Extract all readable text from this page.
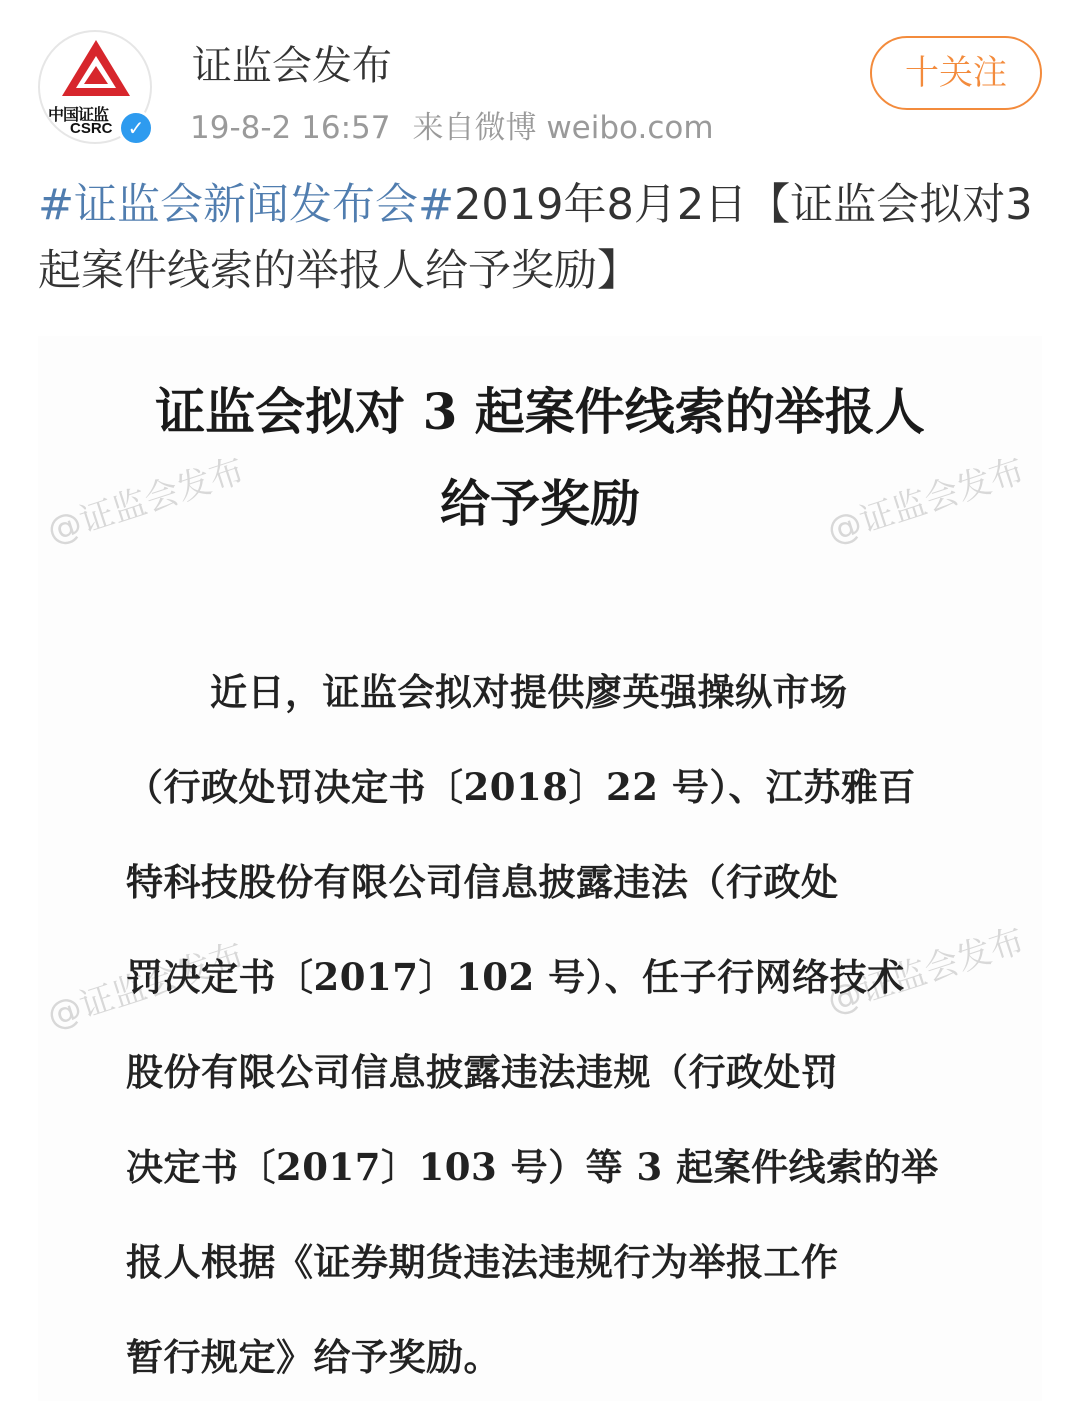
中国证监
CSRC ✓
证监会发布
19-8-2 16:57 来自微博 weibo.com
十关注
#证监会新闻发布会#2019年8月2日【证监会拟对3起案件线索的举报人给予奖励】
@证监会发布	@证监会发布
@证监会发布	@证监会发布
证监会拟对 3 起案件线索的举报人
给予奖励
近日，证监会拟对提供廖英强操纵市场
（行政处罚决定书〔2018〕22 号）、江苏雅百
特科技股份有限公司信息披露违法（行政处
罚决定书〔2017〕102 号）、任子行网络技术
股份有限公司信息披露违法违规（行政处罚
决定书〔2017〕103 号）等 3 起案件线索的举
报人根据《证券期货违法违规行为举报工作
暂行规定》给予奖励。
